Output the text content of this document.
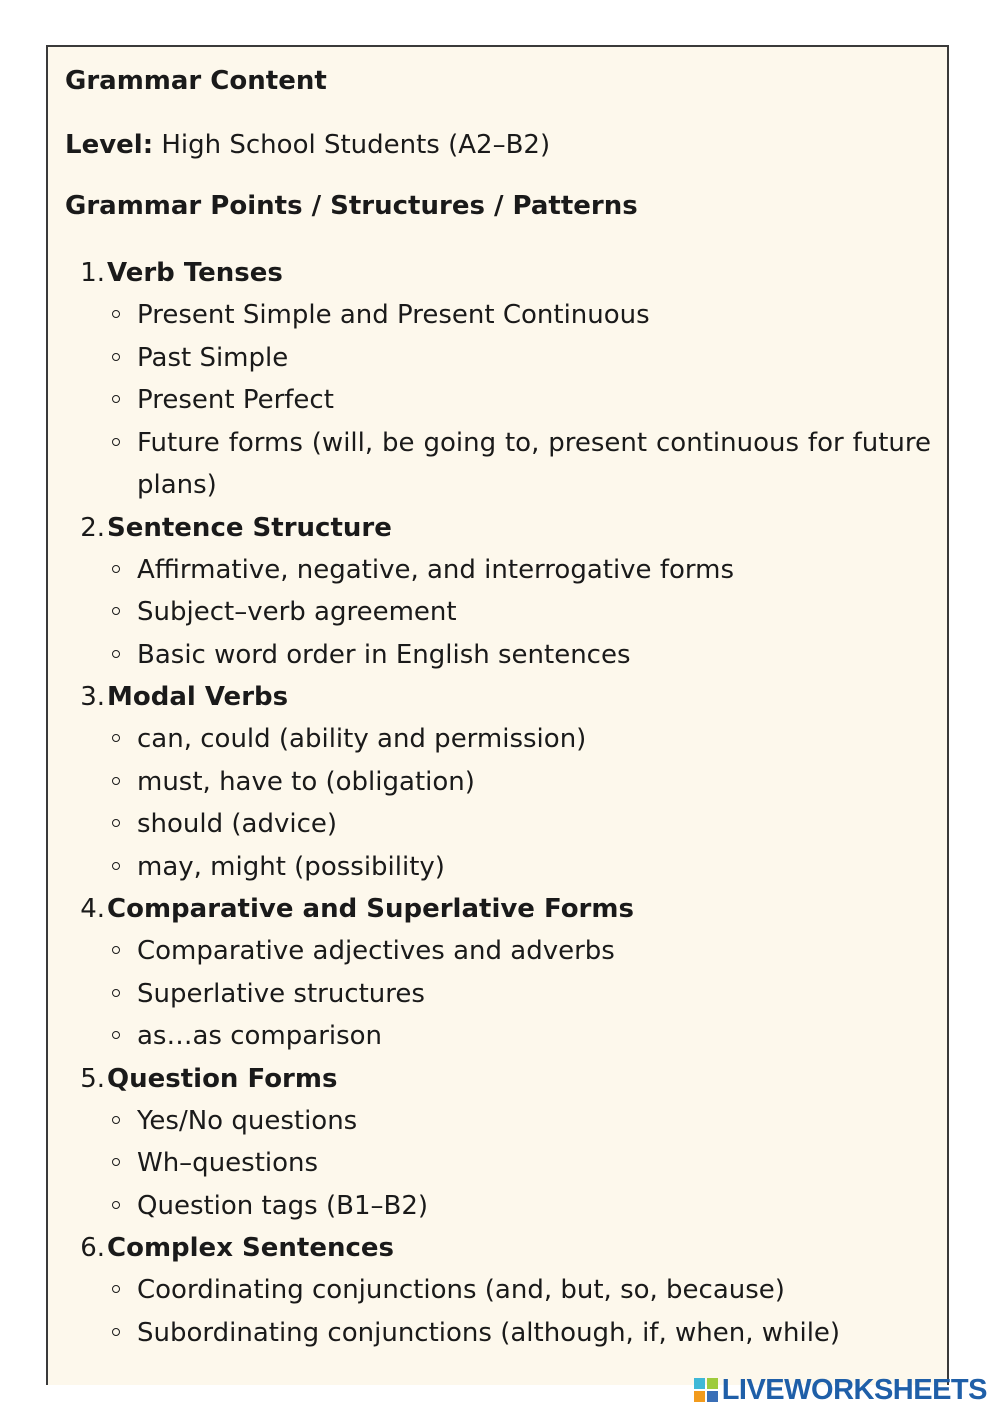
Grammar Content
Level: High School Students (A2–B2)
Grammar Points / Structures / Patterns
1. Verb Tenses
Present Simple and Present Continuous
Past Simple
Present Perfect
Future forms (will, be going to, present continuous for future plans)
2. Sentence Structure
Affirmative, negative, and interrogative forms
Subject–verb agreement
Basic word order in English sentences
3. Modal Verbs
can, could (ability and permission)
must, have to (obligation)
should (advice)
may, might (possibility)
4. Comparative and Superlative Forms
Comparative adjectives and adverbs
Superlative structures
as…as comparison
5. Question Forms
Yes/No questions
Wh–questions
Question tags (B1–B2)
6. Complex Sentences
Coordinating conjunctions (and, but, so, because)
Subordinating conjunctions (although, if, when, while)
LIVEWORKSHEETS
